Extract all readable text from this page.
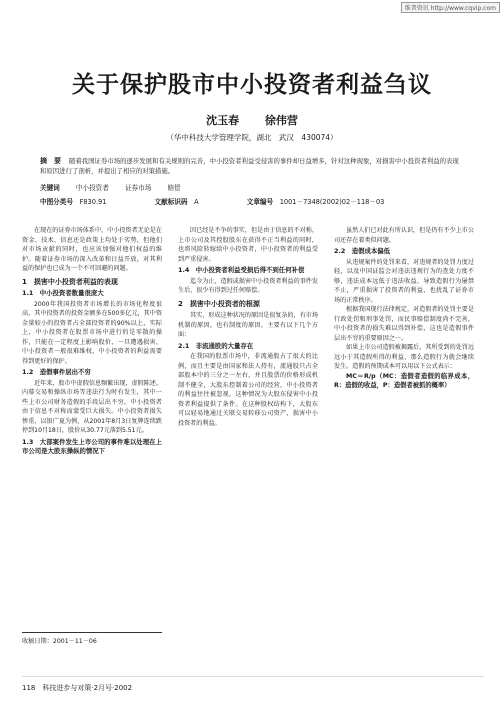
维普资讯 http://www.cqvip.com
关于保护股市中小投资者利益刍议
沈玉春 徐伟营
（华中科技大学管理学院，湖北　武汉　430074）
摘　要 随着我国证券市场的逐步发展和有关规则的完善，中小投资者利益受侵害的事件却日益增多，针对这种现象，对损害中小投资者利益的表现和原因进行了剖析，并提出了相应的对策措施。
关键词 中小投资者 证券市场 赔偿
中图分类号　 F830.91	文献标识码　 A	文章编号　 1001－7348(2002)02－118－03

在现在的证券市场体系中，中小投资者无论是在资金、技术、信息还是政策上均处于劣势，但他们对市场贡献的同时，也应该加强对他们权益的维护。随着证券市场的深入改革和日益开放，对其利益的保护也已成为一个不可回避的问题。

1　损害中小投资者利益的表现

1.1　中小投资者数量很庞大

2000年我国投资者市场增长的市场化程度很高，其中投资者的投资金额多在500多亿元，其中资金量较小的投资者占全部投资者的90%以上，实际上，中小投资者在股票市场中进行的是零散的操作，只能在一定程度上影响股价，一旦遭遇损害，中小投资者一般很难维权，中小投资者的利益需要得到更好的保护。

1.2　造假事件层出不穷

近年来，股市中虚假信息频繁出现，虚假陈述、内幕交易和操纵市场等违法行为时有发生，其中一些上市公司财务造假的手段层出不穷，中小投资者由于信息不对称而蒙受巨大损失。中小投资者损失惨重，以银广夏为例，从2001年8月3日复牌连续跌停到10月18日，股价从30.77元落到5.51元。

1.3　大部案件发生上市公司的事件难以处理在上市公司是大股东操纵的情况下

因已经是不争的事实，但是由于信息的不对称，上市公司及其控股股东在获得不正当利益的同时，也将风险转嫁给中小投资者，中小投资者的利益受到严重侵害。

1.4　中小投资者利益受损后得不到任何补偿

迄今为止，造假或损害中小投资者利益的事件发生后，很少有得到过任何赔偿。

2　损害中小投资者的根源

其实，形成这种状况的原因是很复杂的，有市场机制的原因，也有制度的原因，主要有以下几个方面：

2.1　非流通股的大量存在

在我国的股票市场中，非流通股占了很大的比例，而且主要是由国家和法人持有，流通股只占全部股本中的三分之一左右，并且股票的价格形成机制不健全，大股东控制着公司的经营，中小投资者的利益往往被忽视，这种情况为大股东侵害中小投资者利益提供了条件。在这种股权结构下，大股东可以轻易地通过关联交易转移公司资产，损害中小投资者的利益。

虽然人们已对此有所认识，但是仍有不少上市公司还存在着类似问题。

2.2　造假成本偏低

从违规案件的处罚来看，对违规者的处罚力度过轻，以及中国证监会对违法违规行为的查处力度不够，违法成本远低于违法收益，导致造假行为屡禁不止，严重损害了投资者的利益，也扰乱了证券市场的正常秩序。

根据我国现行法律规定，对造假者的处罚主要是行政处罚和刑事处罚，而民事赔偿制度尚不完善，中小投资者的损失难以得到补偿，这也是造假事件层出不穷的重要原因之一。

如果上市公司造假被揭露后，其所受到的处罚远远小于其造假所得的利益，那么造假行为就会继续发生。造假的预期成本可以用以下公式表示：

MC＝R/p（MC：造假者造假的临界成本，R：造假的收益，P：造假者被抓的概率）

收稿日期：2001－11－06
118　科技进步与对策·2月号·2002
